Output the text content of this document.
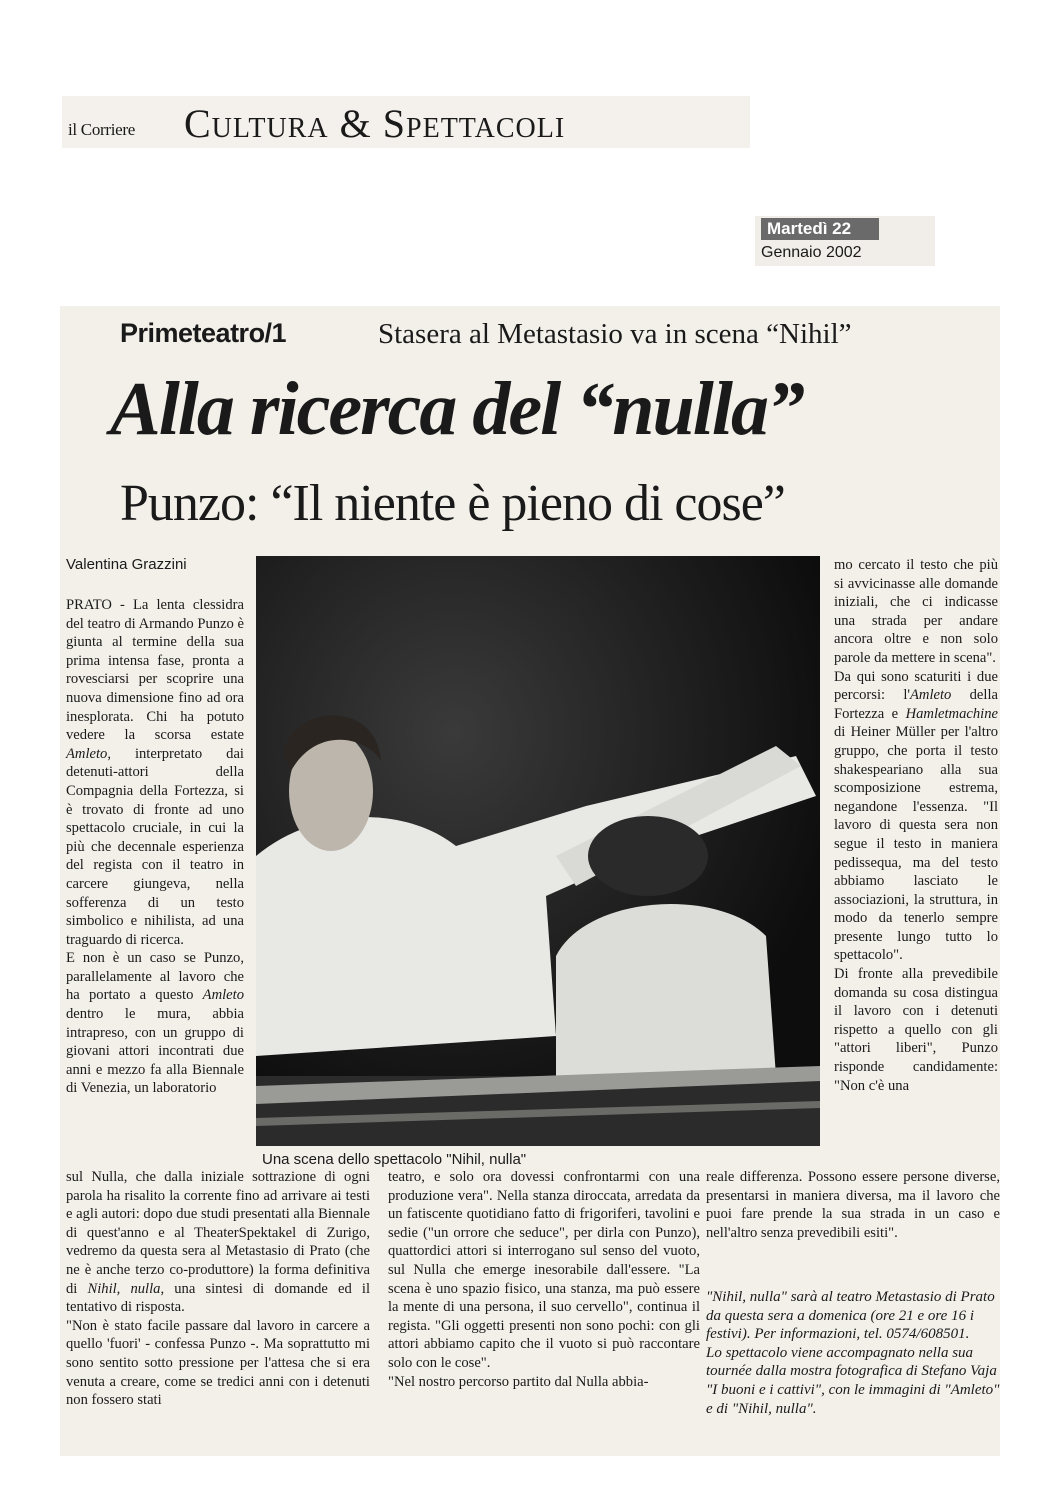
il Corriere Cultura & Spettacoli
Martedì 22
Gennaio 2002
Primeteatro/1	Stasera al Metastasio va in scena “Nihil”
Alla ricerca del “nulla”
Punzo: “Il niente è pieno di cose”
Valentina Grazzini

PRATO - La lenta clessidra del teatro di Armando Punzo è giunta al termine della sua prima intensa fase, pronta a rovesciarsi per scoprire una nuova dimensione fino ad ora inesplorata. Chi ha potuto vedere la scorsa estate Amleto, interpretato dai detenuti-attori della Compagnia della Fortezza, si è trovato di fronte ad uno spettacolo cruciale, in cui la più che decennale esperienza del regista con il teatro in carcere giungeva, nella sofferenza di un testo simbolico e nihilista, ad una traguardo di ricerca.

E non è un caso se Punzo, parallelamente al lavoro che ha portato a questo Amleto dentro le mura, abbia intrapreso, con un gruppo di giovani attori incontrati due anni e mezzo fa alla Biennale di Venezia, un laboratorio

Una scena dello spettacolo "Nihil, nulla"

mo cercato il testo che più si avvicinasse alle domande iniziali, che ci indicasse una strada per andare ancora oltre e non solo parole da mettere in scena".

Da qui sono scaturiti i due percorsi: l'Amleto della Fortezza e Hamletmachine di Heiner Müller per l'altro gruppo, che porta il testo shakespeariano alla sua scomposizione estrema, negandone l'essenza. "Il lavoro di questa sera non segue il testo in maniera pedissequa, ma del testo abbiamo lasciato le associazioni, la struttura, in modo da tenerlo sempre presente lungo tutto lo spettacolo".

Di fronte alla prevedibile domanda su cosa distingua il lavoro con i detenuti rispetto a quello con gli "attori liberi", Punzo risponde candidamente: "Non c'è una

sul Nulla, che dalla iniziale sottrazione di ogni parola ha risalito la corrente fino ad arrivare ai testi e agli autori: dopo due studi presentati alla Biennale di quest'anno e al TheaterSpektakel di Zurigo, vedremo da questa sera al Metastasio di Prato (che ne è anche terzo co-produttore) la forma definitiva di Nihil, nulla, una sintesi di domande ed il tentativo di risposta.

"Non è stato facile passare dal lavoro in carcere a quello 'fuori' - confessa Punzo -. Ma soprattutto mi sono sentito sotto pressione per l'attesa che si era venuta a creare, come se tredici anni con i detenuti non fossero stati

teatro, e solo ora dovessi confrontarmi con una produzione vera". Nella stanza diroccata, arredata da un fatiscente quotidiano fatto di frigoriferi, tavolini e sedie ("un orrore che seduce", per dirla con Punzo), quattordici attori si interrogano sul senso del vuoto, sul Nulla che emerge inesorabile dall'essere. "La scena è uno spazio fisico, una stanza, ma può essere la mente di una persona, il suo cervello", continua il regista. "Gli oggetti presenti non sono pochi: con gli attori abbiamo capito che il vuoto si può raccontare solo con le cose".

"Nel nostro percorso partito dal Nulla abbia-

reale differenza. Possono essere persone diverse, presentarsi in maniera diversa, ma il lavoro che puoi fare prende la sua strada in un caso e nell'altro senza prevedibili esiti".

"Nihil, nulla" sarà al teatro Metastasio di Prato da questa sera a domenica (ore 21 e ore 16 i festivi). Per informazioni, tel. 0574/608501.

Lo spettacolo viene accompagnato nella sua tournée dalla mostra fotografica di Stefano Vaja "I buoni e i cattivi", con le immagini di "Amleto" e di "Nihil, nulla".
